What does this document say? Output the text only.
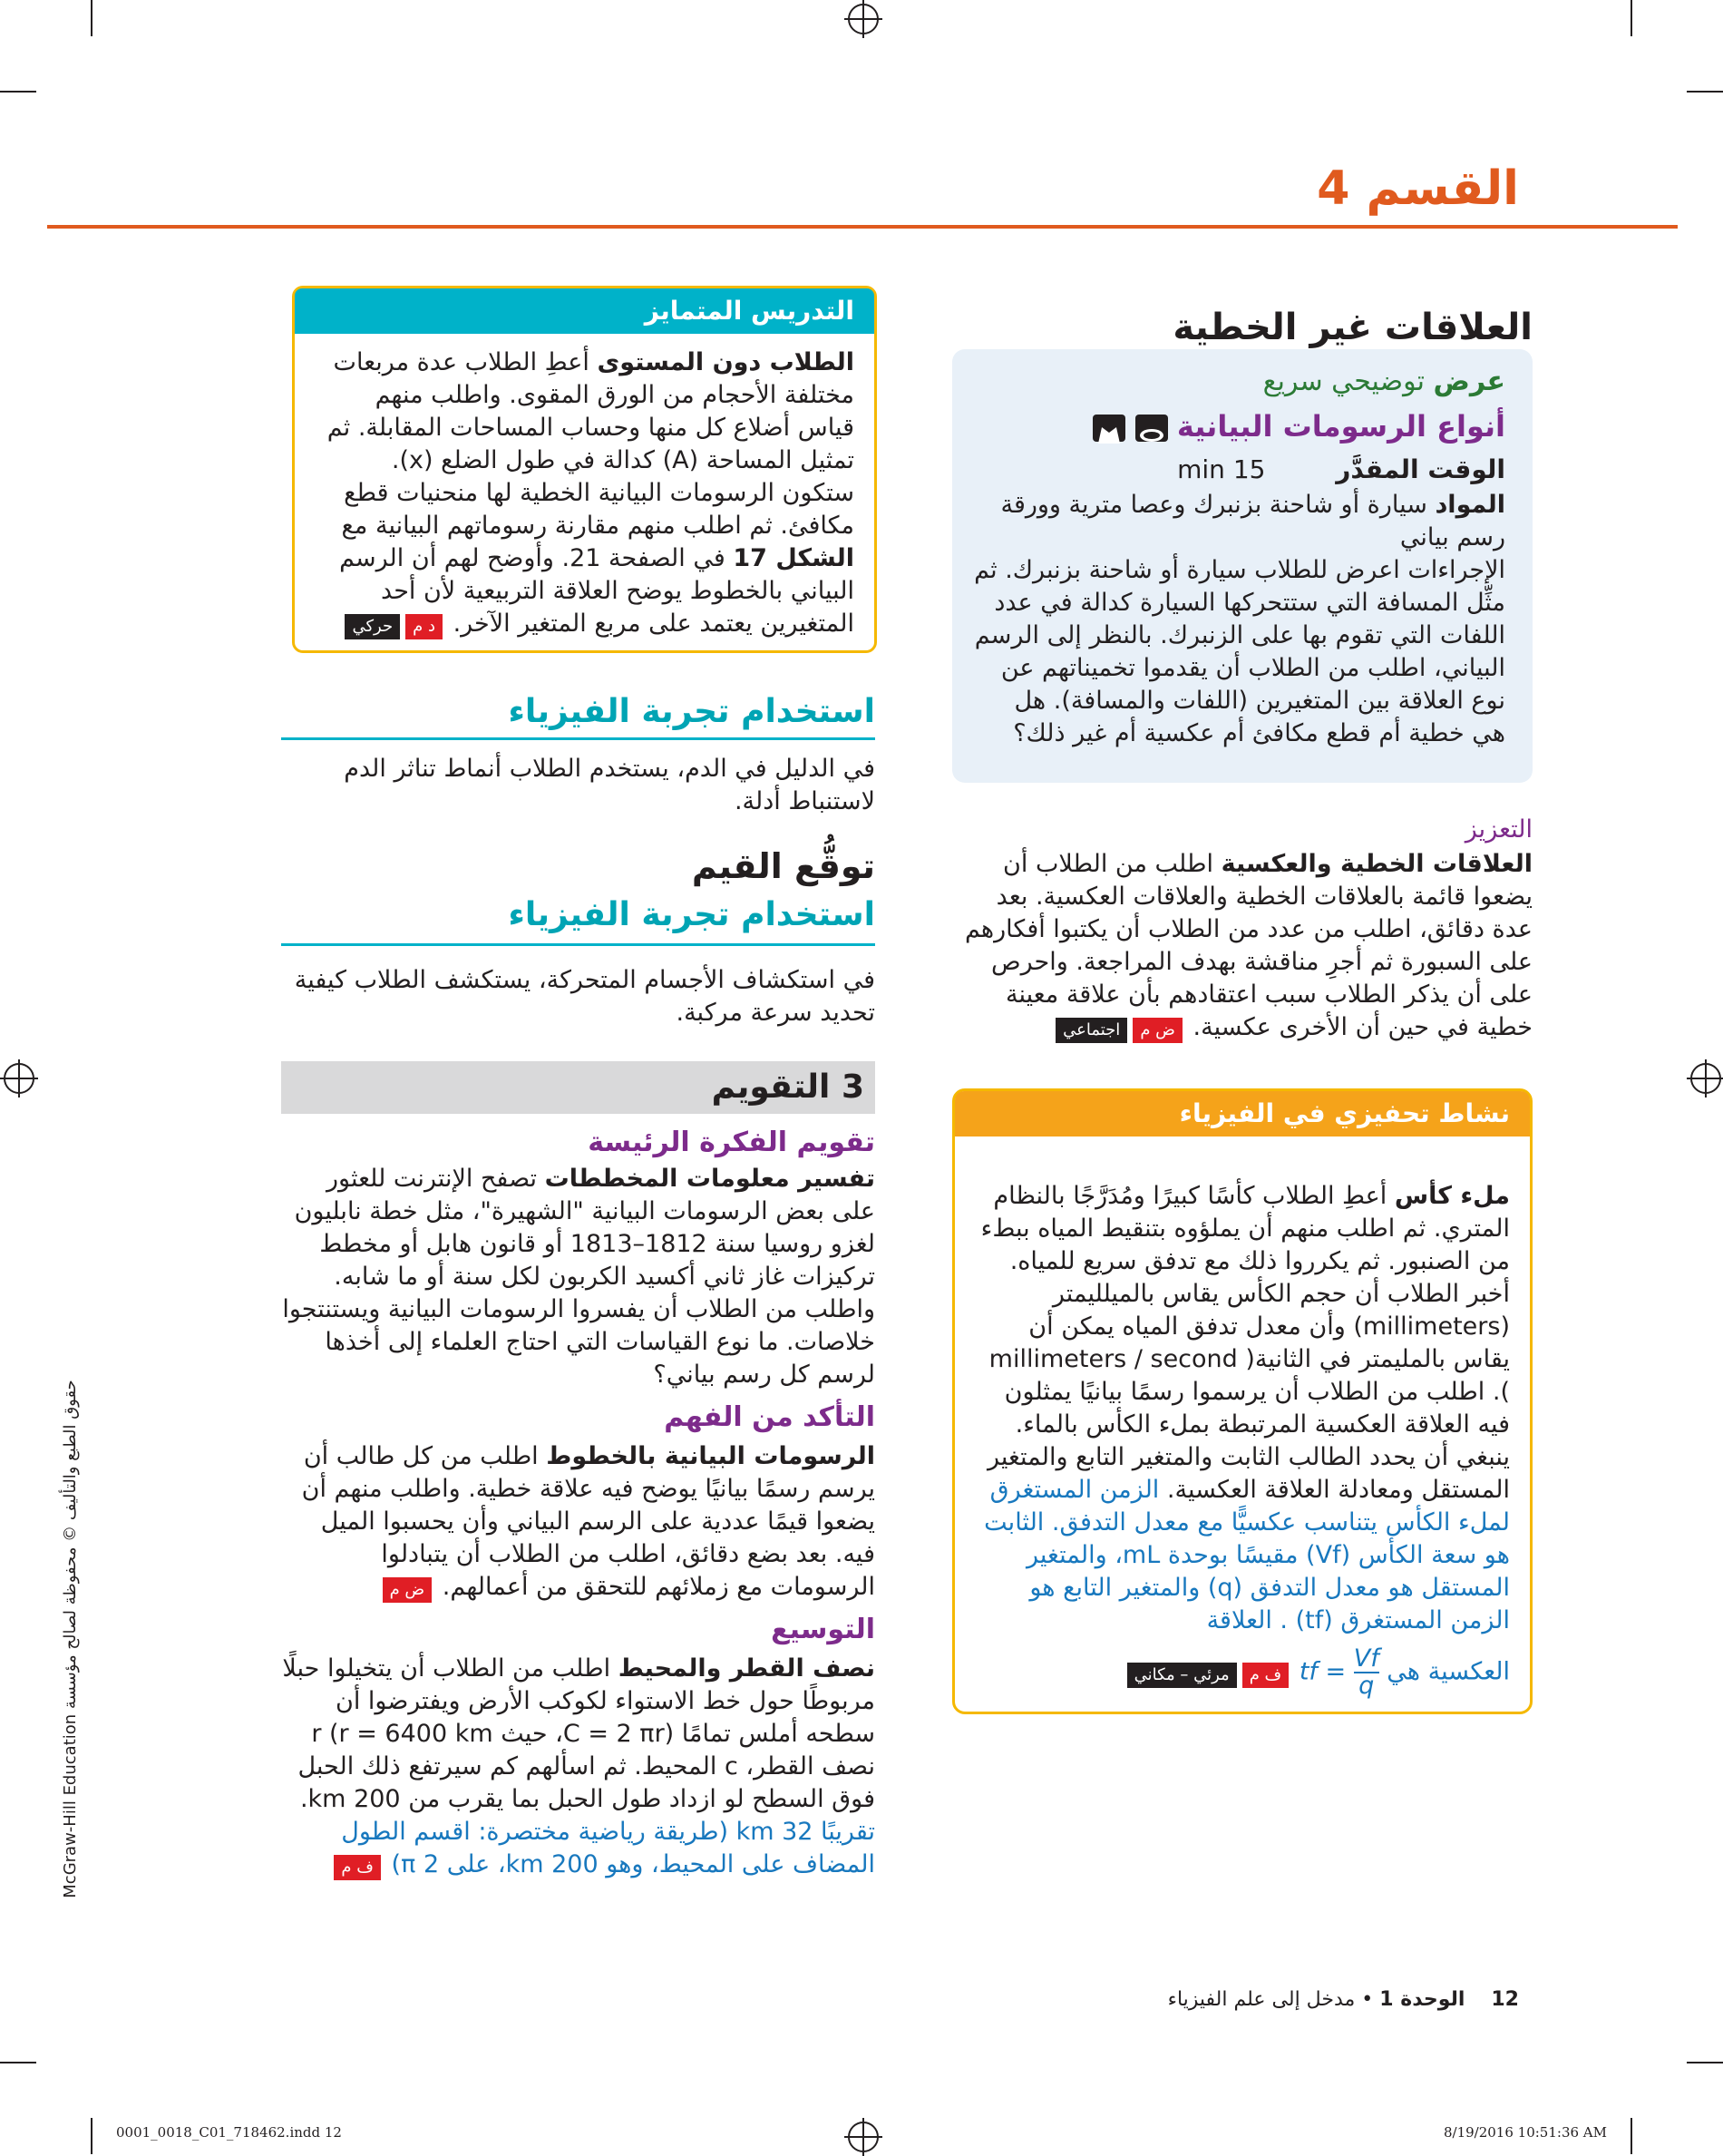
القسم 4
العلاقات غير الخطية
عرض توضيحي سريع
أنواع الرسومات البيانية
الوقت المقدَّر  15 min
المواد سيارة أو شاحنة بزنبرك وعصا مترية وورقة رسم بياني
الإجراءات اعرض للطلاب سيارة أو شاحنة بزنبرك. ثم مثِّل المسافة التي ستتحركها السيارة كدالة في عدد اللفات التي تقوم بها على الزنبرك. بالنظر إلى الرسم البياني، اطلب من الطلاب أن يقدموا تخميناتهم عن نوع العلاقة بين المتغيرين (اللفات والمسافة). هل هي خطية أم قطع مكافئ أم عكسية أم غير ذلك؟
التعزيز
العلاقات الخطية والعكسية اطلب من الطلاب أن يضعوا قائمة بالعلاقات الخطية والعلاقات العكسية. بعد عدة دقائق، اطلب من عدد من الطلاب أن يكتبوا أفكارهم على السبورة ثم أجرِ مناقشة بهدف المراجعة. واحرص على أن يذكر الطلاب سبب اعتقادهم بأن علاقة معينة خطية في حين أن الأخرى عكسية. ض ماجتماعي
نشاط تحفيزي في الفيزياء
ملء كأس أعطِ الطلاب كأسًا كبيرًا ومُدَرَّجًا بالنظام المتري. ثم اطلب منهم أن يملؤوه بتنقيط المياه ببطء من الصنبور. ثم يكرروا ذلك مع تدفق سريع للمياه. أخبر الطلاب أن حجم الكأس يقاس بالميلليمتر (millimeters) وأن معدل تدفق المياه يمكن أن يقاس بالمليمتر في الثانية( millimeters / second ). اطلب من الطلاب أن يرسموا رسمًا بيانيًا يمثلون فيه العلاقة العكسية المرتبطة بملء الكأس بالماء. ينبغي أن يحدد الطالب الثابت والمتغير التابع والمتغير المستقل ومعادلة العلاقة العكسية. الزمن المستغرق لملء الكأس يتناسب عكسيًّا مع معدل التدفق. الثابت هو سعة الكأس (Vf) مقيسًا بوحدة mL، والمتغير المستقل هو معدل التدفق (q) والمتغير التابع هو الزمن المستغرق (tf) . العلاقة
العكسية هي tf = $\frac{Vf}{q}$
ف ممرئي – مكاني
التدريس المتمايز
الطلاب دون المستوى أعطِ الطلاب عدة مربعات مختلفة الأحجام من الورق المقوى. واطلب منهم قياس أضلاع كل منها وحساب المساحات المقابلة. ثم تمثيل المساحة (A) كدالة في طول الضلع (x). ستكون الرسومات البيانية الخطية لها منحنيات قطع مكافئ. ثم اطلب منهم مقارنة رسوماتهم البيانية مع الشكل 17 في الصفحة 21. وأوضح لهم أن الرسم البياني بالخطوط يوضح العلاقة التربيعية لأن أحد المتغيرين يعتمد على مربع المتغير الآخر. د محركي
استخدام تجربة الفيزياء
في الدليل في الدم، يستخدم الطلاب أنماط تناثر الدم لاستنباط أدلة.
توقُّع القيم
استخدام تجربة الفيزياء
في استكشاف الأجسام المتحركة، يستكشف الطلاب كيفية تحديد سرعة مركبة.
3 التقويم
تقويم الفكرة الرئيسة
تفسير معلومات المخططات تصفح الإنترنت للعثور على بعض الرسومات البيانية "الشهيرة"، مثل خطة نابليون لغزو روسيا سنة 1812–1813 أو قانون هابل أو مخطط تركيزات غاز ثاني أكسيد الكربون لكل سنة أو ما شابه. واطلب من الطلاب أن يفسروا الرسومات البيانية ويستنتجوا خلاصات. ما نوع القياسات التي احتاج العلماء إلى أخذها لرسم كل رسم بياني؟
التأكد من الفهم
الرسومات البيانية بالخطوط اطلب من كل طالب أن يرسم رسمًا بيانيًا يوضح فيه علاقة خطية. واطلب منهم أن يضعوا قيمًا عددية على الرسم البياني وأن يحسبوا الميل فيه. بعد بضع دقائق، اطلب من الطلاب أن يتبادلوا الرسومات مع زملائهم للتحقق من أعمالهم. ض م
التوسيع
نصف القطر والمحيط اطلب من الطلاب أن يتخيلوا حبلًا مربوطًا حول خط الاستواء لكوكب الأرض ويفترضوا أن سطحه أملس تمامًا (C = 2 πr، حيث r = 6400 km) r نصف القطر، c المحيط. ثم اسألهم كم سيرتفع ذلك الحبل فوق السطح لو ازداد طول الحبل بما يقرب من 200 km. تقريبًا 32 km (طريقة رياضية مختصرة: اقسم الطول المضاف على المحيط، وهو 200 km، على 2 π) ف م
حقوق الطبع والتأليف © محفوظة لصالح مؤسسة McGraw-Hill Education
12 الوحدة 1 • مدخل إلى علم الفيزياء
0001_0018_C01_718462.indd 12	8/19/2016 10:51:36 AM
